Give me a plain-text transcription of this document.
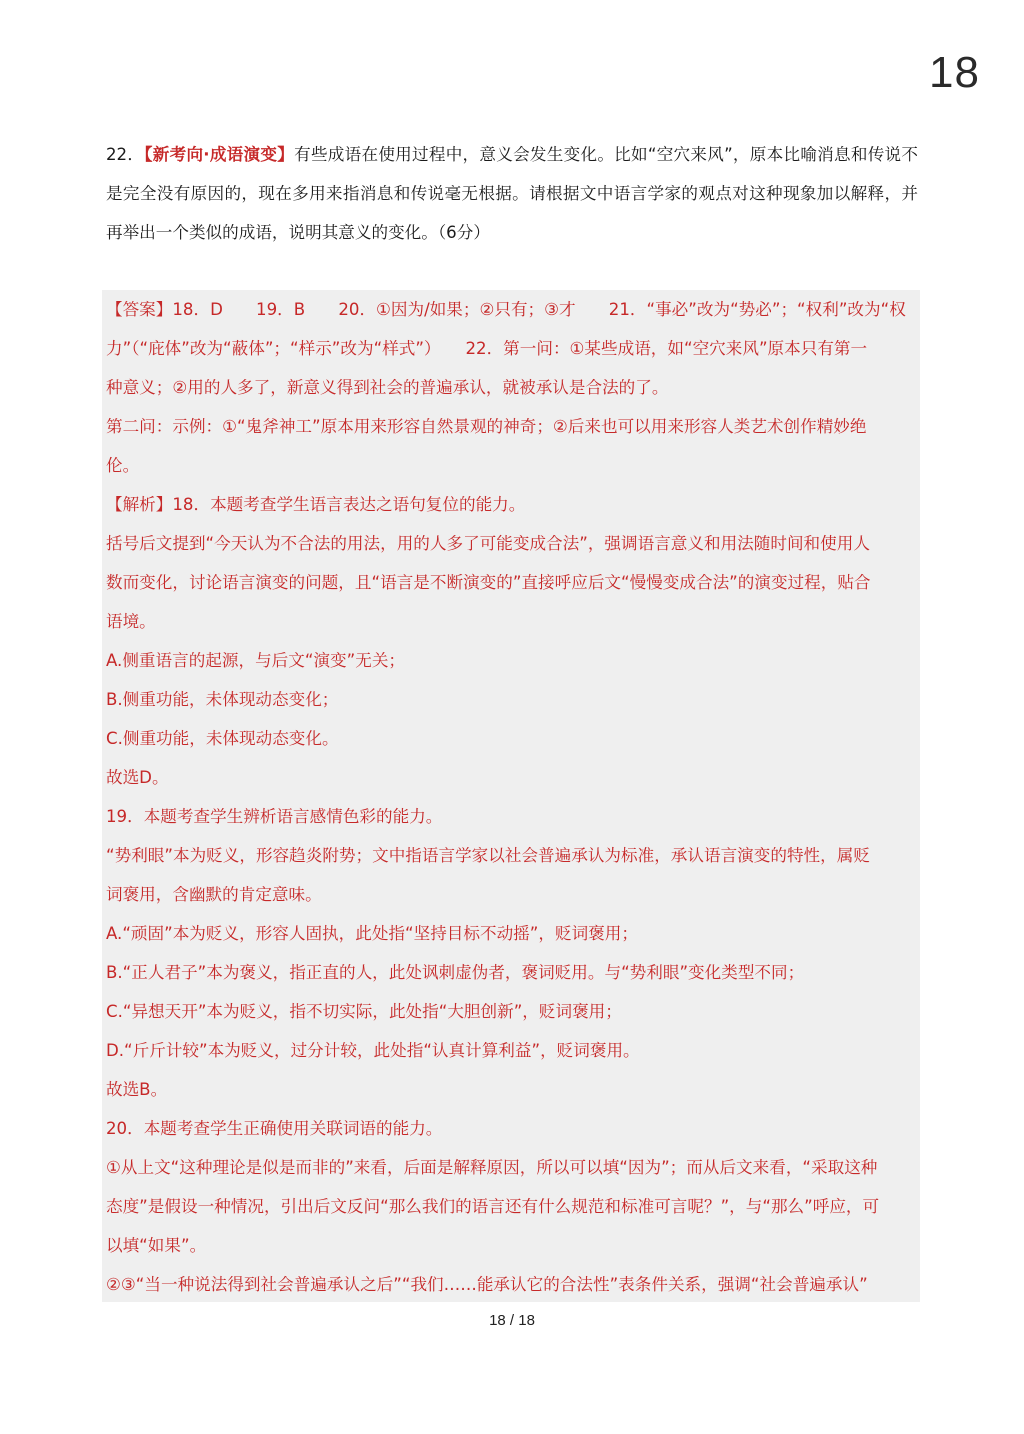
18
22．【新考向·成语演变】有些成语在使用过程中，意义会发生变化。比如“空穴来风”，原本比喻消息和传说不是完全没有原因的，现在多用来指消息和传说毫无根据。请根据文中语言学家的观点对这种现象加以解释，并再举出一个类似的成语，说明其意义的变化。（6分）
【答案】18．D　　19．B　　20．①因为/如果；②只有；③才　　21．“事必”改为“势必”；“权利”改为“权
力”（“庇体”改为“蔽体”；“样示”改为“样式”）　　22．第一问：①某些成语，如“空穴来风”原本只有第一
种意义；②用的人多了，新意义得到社会的普遍承认，就被承认是合法的了。
第二问：示例：①“鬼斧神工”原本用来形容自然景观的神奇；②后来也可以用来形容人类艺术创作精妙绝
伦。
【解析】18．本题考查学生语言表达之语句复位的能力。
括号后文提到“今天认为不合法的用法，用的人多了可能变成合法”，强调语言意义和用法随时间和使用人
数而变化，讨论语言演变的问题，且“语言是不断演变的”直接呼应后文“慢慢变成合法”的演变过程，贴合
语境。
A.侧重语言的起源，与后文“演变”无关；
B.侧重功能，未体现动态变化；
C.侧重功能，未体现动态变化。
故选D。
19．本题考查学生辨析语言感情色彩的能力。
“势利眼”本为贬义，形容趋炎附势；文中指语言学家以社会普遍承认为标准，承认语言演变的特性，属贬
词褒用，含幽默的肯定意味。
A.“顽固”本为贬义，形容人固执，此处指“坚持目标不动摇”，贬词褒用；
B.“正人君子”本为褒义，指正直的人，此处讽刺虚伪者，褒词贬用。与“势利眼”变化类型不同；
C.“异想天开”本为贬义，指不切实际，此处指“大胆创新”，贬词褒用；
D.“斤斤计较”本为贬义，过分计较，此处指“认真计算利益”，贬词褒用。
故选B。
20．本题考查学生正确使用关联词语的能力。
①从上文“这种理论是似是而非的”来看，后面是解释原因，所以可以填“因为”；而从后文来看，“采取这种
态度”是假设一种情况，引出后文反问“那么我们的语言还有什么规范和标准可言呢？”，与“那么”呼应，可
以填“如果”。
②③“当一种说法得到社会普遍承认之后”“我们……能承认它的合法性”表条件关系，强调“社会普遍承认”
18 / 18
